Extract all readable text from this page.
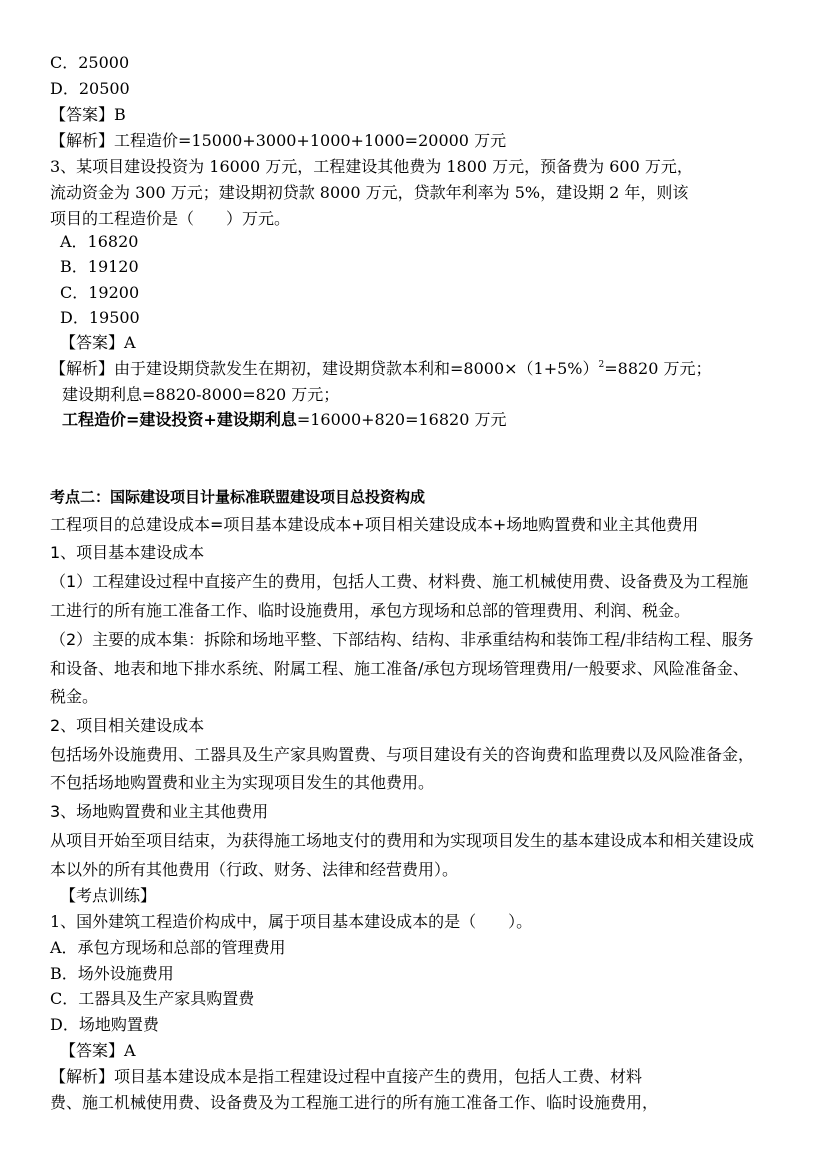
C．25000
D．20500
【答案】B
【解析】工程造价=15000+3000+1000+1000=20000 万元
3、某项目建设投资为 16000 万元，工程建设其他费为 1800 万元，预备费为 600 万元，
流动资金为 300 万元；建设期初贷款 8000 万元，贷款年利率为 5%，建设期 2 年，则该
项目的工程造价是（　　）万元。
A．16820
B．19120
C．19200
D．19500
【答案】A
【解析】由于建设期贷款发生在期初，建设期贷款本利和$=8000\times(1+5\%)^2=8820$ 万元；
建设期利息=8820-8000=820 万元；
工程造价=建设投资+建设期利息=16000+820=16820 万元
考点二：国际建设项目计量标准联盟建设项目总投资构成
工程项目的总建设成本=项目基本建设成本+项目相关建设成本+场地购置费和业主其他费用
1、项目基本建设成本
（1）工程建设过程中直接产生的费用，包括人工费、材料费、施工机械使用费、设备费及为工程施
工进行的所有施工准备工作、临时设施费用，承包方现场和总部的管理费用、利润、税金。
（2）主要的成本集：拆除和场地平整、下部结构、结构、非承重结构和装饰工程/非结构工程、服务
和设备、地表和地下排水系统、附属工程、施工准备/承包方现场管理费用/一般要求、风险准备金、
税金。
2、项目相关建设成本
包括场外设施费用、工器具及生产家具购置费、与项目建设有关的咨询费和监理费以及风险准备金，
不包括场地购置费和业主为实现项目发生的其他费用。
3、场地购置费和业主其他费用
从项目开始至项目结束，为获得施工场地支付的费用和为实现项目发生的基本建设成本和相关建设成
本以外的所有其他费用（行政、财务、法律和经营费用）。
【考点训练】
1、国外建筑工程造价构成中，属于项目基本建设成本的是（　　）。
A．承包方现场和总部的管理费用
B．场外设施费用
C．工器具及生产家具购置费
D．场地购置费
【答案】A
【解析】项目基本建设成本是指工程建设过程中直接产生的费用，包括人工费、材料
费、施工机械使用费、设备费及为工程施工进行的所有施工准备工作、临时设施费用，
